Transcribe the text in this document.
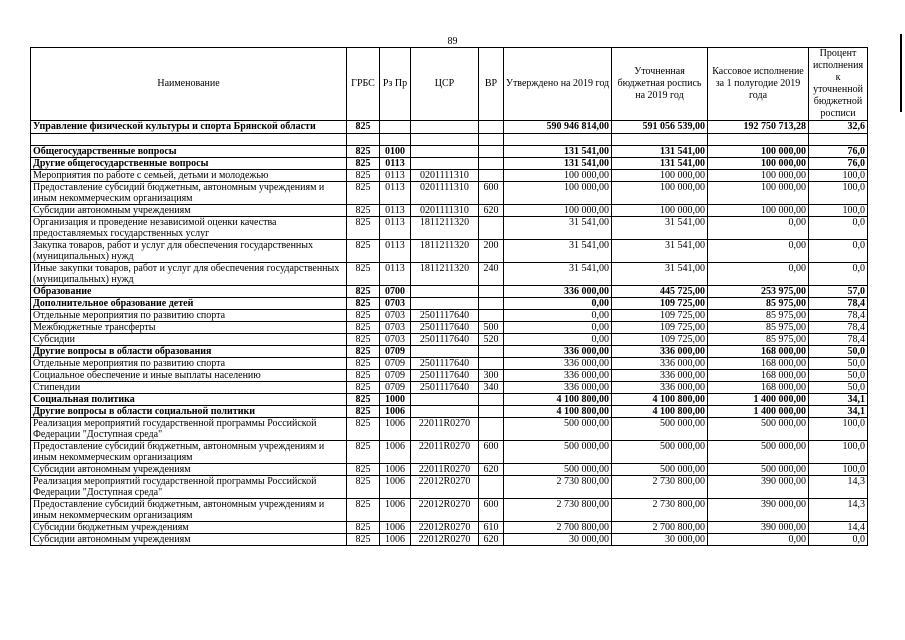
89
Наименование	ГРБС	Рз Пр	ЦСР	ВР	Утверждено на 2019 год	Уточненная бюджетная роспись на 2019 год	Кассовое исполнение за 1 полугодие 2019 года	Процент исполнения к уточненной бюджетной росписи
Управление физической культуры и спорта Брянской области	825				590 946 814,00	591 056 539,00	192 750 713,28	32,6

Общегосударственные вопросы	825	0100			131 541,00	131 541,00	100 000,00	76,0
Другие общегосударственные вопросы	825	0113			131 541,00	131 541,00	100 000,00	76,0
Мероприятия по работе с семьей, детьми и молодежью	825	0113	0201111310		100 000,00	100 000,00	100 000,00	100,0
Предоставление субсидий бюджетным, автономным учреждениям и иным некоммерческим организациям	825	0113	0201111310	600	100 000,00	100 000,00	100 000,00	100,0
Субсидии автономным учреждениям	825	0113	0201111310	620	100 000,00	100 000,00	100 000,00	100,0
Организация и проведение независимой оценки качества предоставляемых государственных услуг	825	0113	1811211320		31 541,00	31 541,00	0,00	0,0
Закупка товаров, работ и услуг для обеспечения государственных (муниципальных) нужд	825	0113	1811211320	200	31 541,00	31 541,00	0,00	0,0
Иные закупки товаров, работ и услуг для обеспечения государственных (муниципальных) нужд	825	0113	1811211320	240	31 541,00	31 541,00	0,00	0,0
Образование	825	0700			336 000,00	445 725,00	253 975,00	57,0
Дополнительное образование детей	825	0703			0,00	109 725,00	85 975,00	78,4
Отдельные мероприятия по развитию спорта	825	0703	2501117640		0,00	109 725,00	85 975,00	78,4
Межбюджетные трансферты	825	0703	2501117640	500	0,00	109 725,00	85 975,00	78,4
Субсидии	825	0703	2501117640	520	0,00	109 725,00	85 975,00	78,4
Другие вопросы в области образования	825	0709			336 000,00	336 000,00	168 000,00	50,0
Отдельные мероприятия по развитию спорта	825	0709	2501117640		336 000,00	336 000,00	168 000,00	50,0
Социальное обеспечение и иные выплаты населению	825	0709	2501117640	300	336 000,00	336 000,00	168 000,00	50,0
Стипендии	825	0709	2501117640	340	336 000,00	336 000,00	168 000,00	50,0
Социальная политика	825	1000			4 100 800,00	4 100 800,00	1 400 000,00	34,1
Другие вопросы в области социальной политики	825	1006			4 100 800,00	4 100 800,00	1 400 000,00	34,1
Реализация мероприятий государственной программы Российской Федерации "Доступная среда"	825	1006	22011R0270		500 000,00	500 000,00	500 000,00	100,0
Предоставление субсидий бюджетным, автономным учреждениям и иным некоммерческим организациям	825	1006	22011R0270	600	500 000,00	500 000,00	500 000,00	100,0
Субсидии автономным учреждениям	825	1006	22011R0270	620	500 000,00	500 000,00	500 000,00	100,0
Реализация мероприятий государственной программы Российской Федерации "Доступная среда"	825	1006	22012R0270		2 730 800,00	2 730 800,00	390 000,00	14,3
Предоставление субсидий бюджетным, автономным учреждениям и иным некоммерческим организациям	825	1006	22012R0270	600	2 730 800,00	2 730 800,00	390 000,00	14,3
Субсидии бюджетным учреждениям	825	1006	22012R0270	610	2 700 800,00	2 700 800,00	390 000,00	14,4
Субсидии автономным учреждениям	825	1006	22012R0270	620	30 000,00	30 000,00	0,00	0,0
